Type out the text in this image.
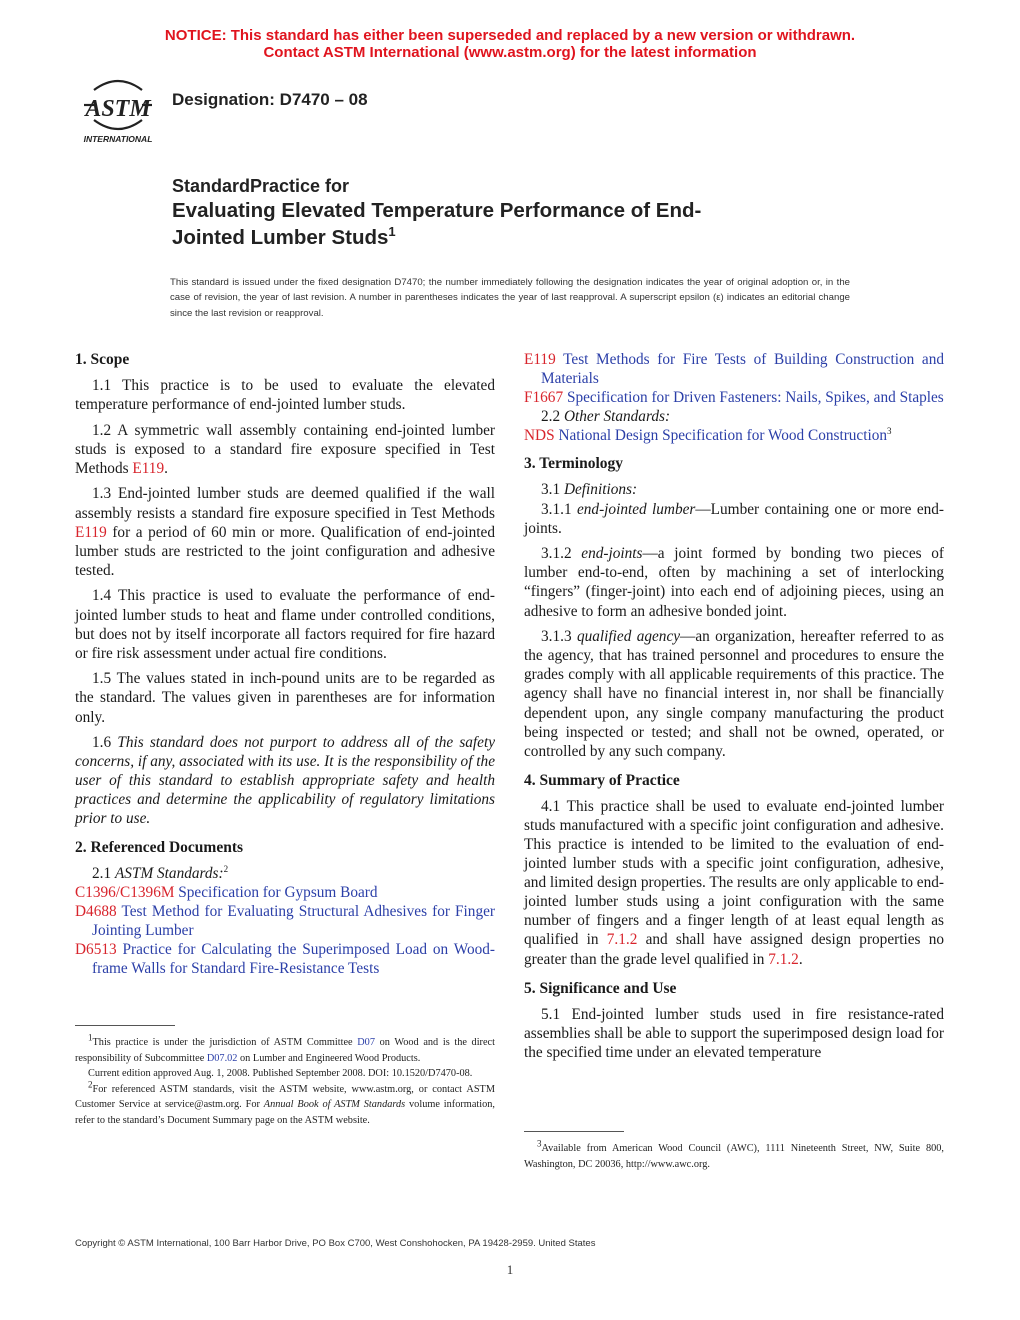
NOTICE: This standard has either been superseded and replaced by a new version or withdrawn.
Contact ASTM International (www.astm.org) for the latest information
ASTM
INTERNATIONAL
Designation: D7470 – 08
StandardPractice for
Evaluating Elevated Temperature Performance of End-
Jointed Lumber Studs$^1$
This standard is issued under the fixed designation D7470; the number immediately following the designation indicates the year of original adoption or, in the case of revision, the year of last revision. A number in parentheses indicates the year of last reapproval. A superscript epsilon (ε) indicates an editorial change since the last revision or reapproval.
1. Scope

1.1 This practice is to be used to evaluate the elevated temperature performance of end-jointed lumber studs.

1.2 A symmetric wall assembly containing end-jointed lumber studs is exposed to a standard fire exposure specified in Test Methods E119.

1.3 End-jointed lumber studs are deemed qualified if the wall assembly resists a standard fire exposure specified in Test Methods E119 for a period of 60 min or more. Qualification of end-jointed lumber studs are restricted to the joint configuration and adhesive tested.

1.4 This practice is used to evaluate the performance of end-jointed lumber studs to heat and flame under controlled conditions, but does not by itself incorporate all factors required for fire hazard or fire risk assessment under actual fire conditions.

1.5 The values stated in inch-pound units are to be regarded as the standard. The values given in parentheses are for information only.

1.6 This standard does not purport to address all of the safety concerns, if any, associated with its use. It is the responsibility of the user of this standard to establish appropriate safety and health practices and determine the applicability of regulatory limitations prior to use.

2. Referenced Documents

2.1 ASTM Standards:$^2$

C1396/C1396M Specification for Gypsum Board

D4688 Test Method for Evaluating Structural Adhesives for Finger Jointing Lumber

D6513 Practice for Calculating the Superimposed Load on Wood-frame Walls for Standard Fire-Resistance Tests

$^1$This practice is under the jurisdiction of ASTM Committee D07 on Wood and is the direct responsibility of Subcommittee D07.02 on Lumber and Engineered Wood Products.

Current edition approved Aug. 1, 2008. Published September 2008. DOI: 10.1520/D7470-08.

$^2$For referenced ASTM standards, visit the ASTM website, www.astm.org, or contact ASTM Customer Service at service@astm.org. For Annual Book of ASTM Standards volume information, refer to the standard’s Document Summary page on the ASTM website.

E119 Test Methods for Fire Tests of Building Construction and Materials

F1667 Specification for Driven Fasteners: Nails, Spikes, and Staples

2.2 Other Standards:

NDS National Design Specification for Wood Construction$^3$

3. Terminology

3.1 Definitions:

3.1.1 end-jointed lumber—Lumber containing one or more end-joints.

3.1.2 end-joints—a joint formed by bonding two pieces of lumber end-to-end, often by machining a set of interlocking “fingers” (finger-joint) into each end of adjoining pieces, using an adhesive to form an adhesive bonded joint.

3.1.3 qualified agency—an organization, hereafter referred to as the agency, that has trained personnel and procedures to ensure the grades comply with all applicable requirements of this practice. The agency shall have no financial interest in, nor shall be financially dependent upon, any single company manufacturing the product being inspected or tested; and shall not be owned, operated, or controlled by any such company.

4. Summary of Practice

4.1 This practice shall be used to evaluate end-jointed lumber studs manufactured with a specific joint configuration and adhesive. This practice is intended to be limited to the evaluation of end-jointed lumber studs with a specific joint configuration, adhesive, and limited design properties. The results are only applicable to end-jointed lumber studs using a joint configuration with the same number of fingers and a finger length of at least equal length as qualified in 7.1.2 and shall have assigned design properties no greater than the grade level qualified in 7.1.2.

5. Significance and Use

5.1 End-jointed lumber studs used in fire resistance-rated assemblies shall be able to support the superimposed design load for the specified time under an elevated temperature

$^3$Available from American Wood Council (AWC), 1111 Nineteenth Street, NW, Suite 800, Washington, DC 20036, http://www.awc.org.

Copyright © ASTM International, 100 Barr Harbor Drive, PO Box C700, West Conshohocken, PA 19428-2959. United States
1
